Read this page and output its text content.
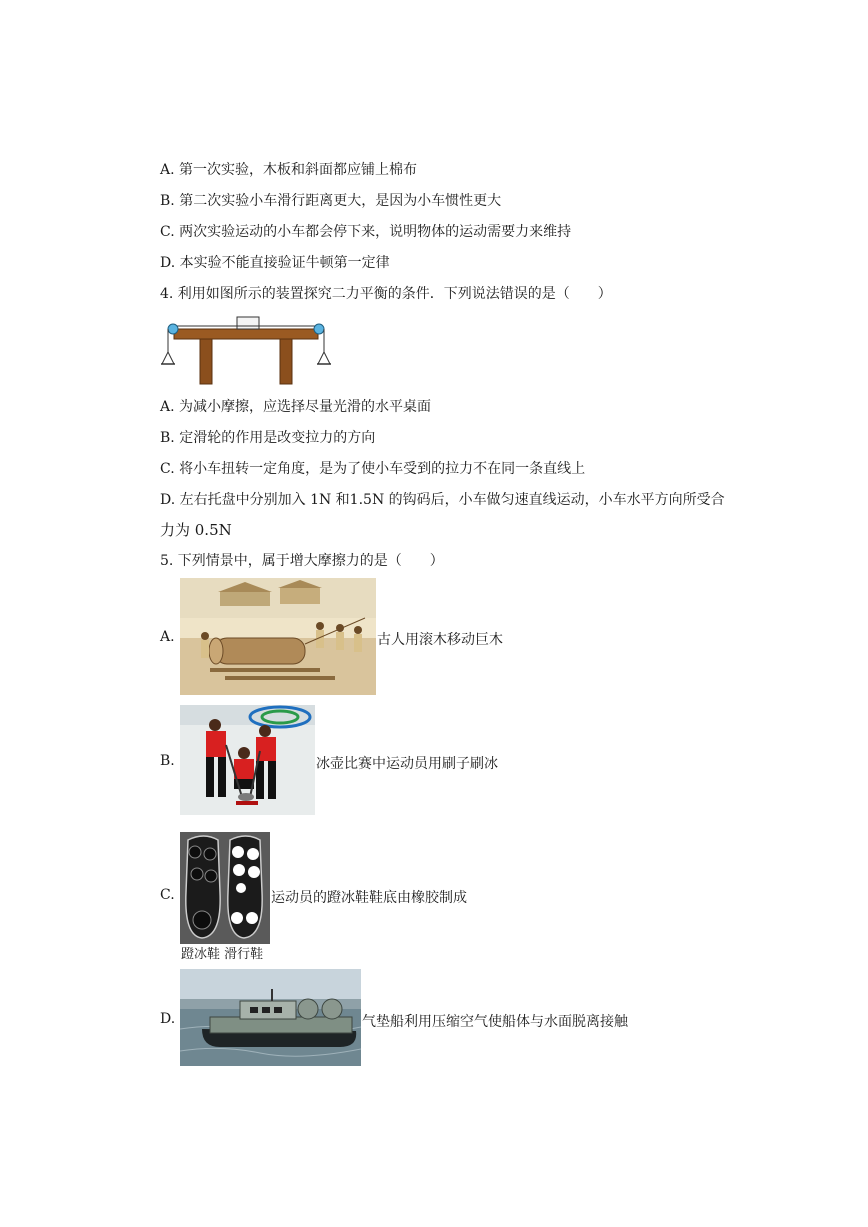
A. 第一次实验，木板和斜面都应铺上棉布
B. 第二次实验小车滑行距离更大，是因为小车惯性更大
C. 两次实验运动的小车都会停下来，说明物体的运动需要力来维持
D. 本实验不能直接验证牛顿第一定律
4. 利用如图所示的装置探究二力平衡的条件．下列说法错误的是（　　）
A. 为减小摩擦，应选择尽量光滑的水平桌面
B. 定滑轮的作用是改变拉力的方向
C. 将小车扭转一定角度，是为了使小车受到的拉力不在同一条直线上
D. 左右托盘中分别加入 1N 和1.5N 的钩码后，小车做匀速直线运动，小车水平方向所受合
力为 0.5N
5. 下列情景中，属于增大摩擦力的是（　　）
A.	古人用滚木移动巨木
B.	冰壶比赛中运动员用刷子刷冰
C.	运动员的蹬冰鞋鞋底由橡胶制成
蹬冰鞋 滑行鞋
D.	气垫船利用压缩空气使船体与水面脱离接触
